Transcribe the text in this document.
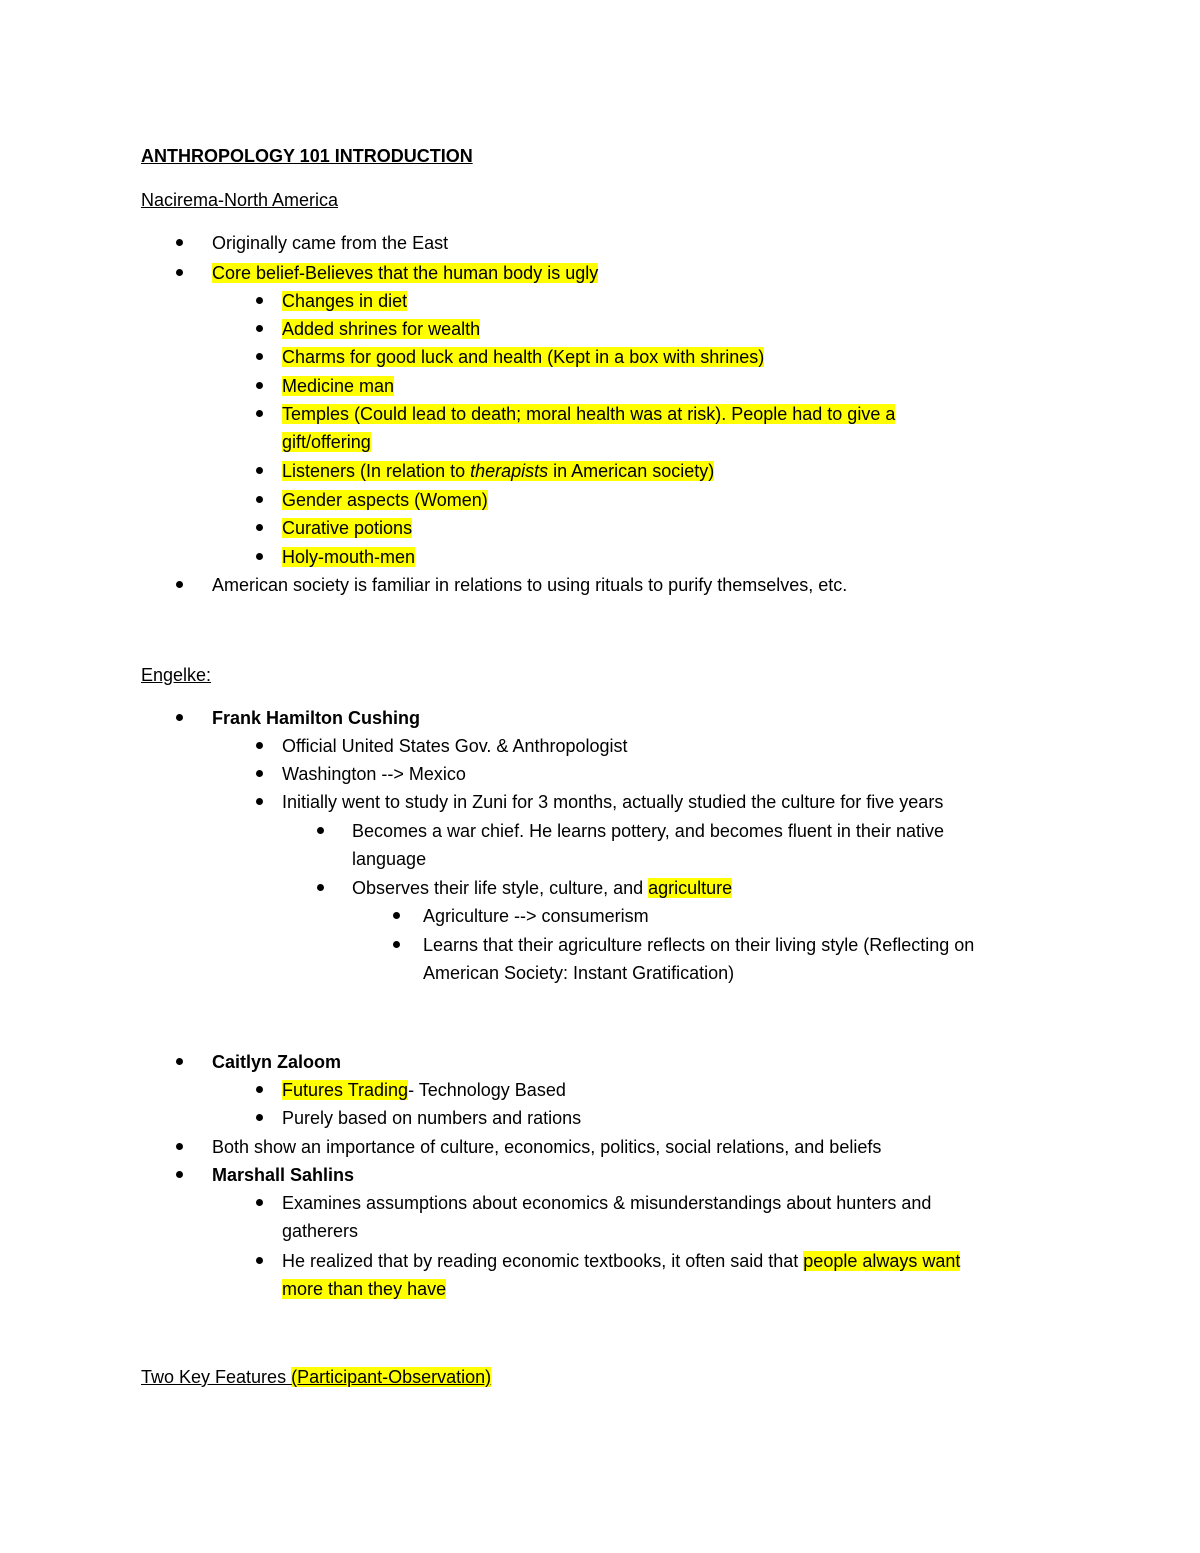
ANTHROPOLOGY 101 INTRODUCTION
Nacirema-North America
Originally came from the East
Core belief-Believes that the human body is ugly
Changes in diet
Added shrines for wealth
Charms for good luck and health (Kept in a box with shrines)
Medicine man
Temples (Could lead to death; moral health was at risk). People had to give a
gift/offering
Listeners (In relation to therapists in American society)
Gender aspects (Women)
Curative potions
Holy-mouth-men
American society is familiar in relations to using rituals to purify themselves, etc.
Engelke:
Frank Hamilton Cushing
Official United States Gov. & Anthropologist
Washington --> Mexico
Initially went to study in Zuni for 3 months, actually studied the culture for five years
Becomes a war chief. He learns pottery, and becomes fluent in their native
language
Observes their life style, culture, and agriculture
Agriculture --> consumerism
Learns that their agriculture reflects on their living style (Reflecting on
American Society: Instant Gratification)
Caitlyn Zaloom
Futures Trading- Technology Based
Purely based on numbers and rations
Both show an importance of culture, economics, politics, social relations, and beliefs
Marshall Sahlins
Examines assumptions about economics & misunderstandings about hunters and
gatherers
He realized that by reading economic textbooks, it often said that people always want
more than they have
Two Key Features (Participant-Observation)
